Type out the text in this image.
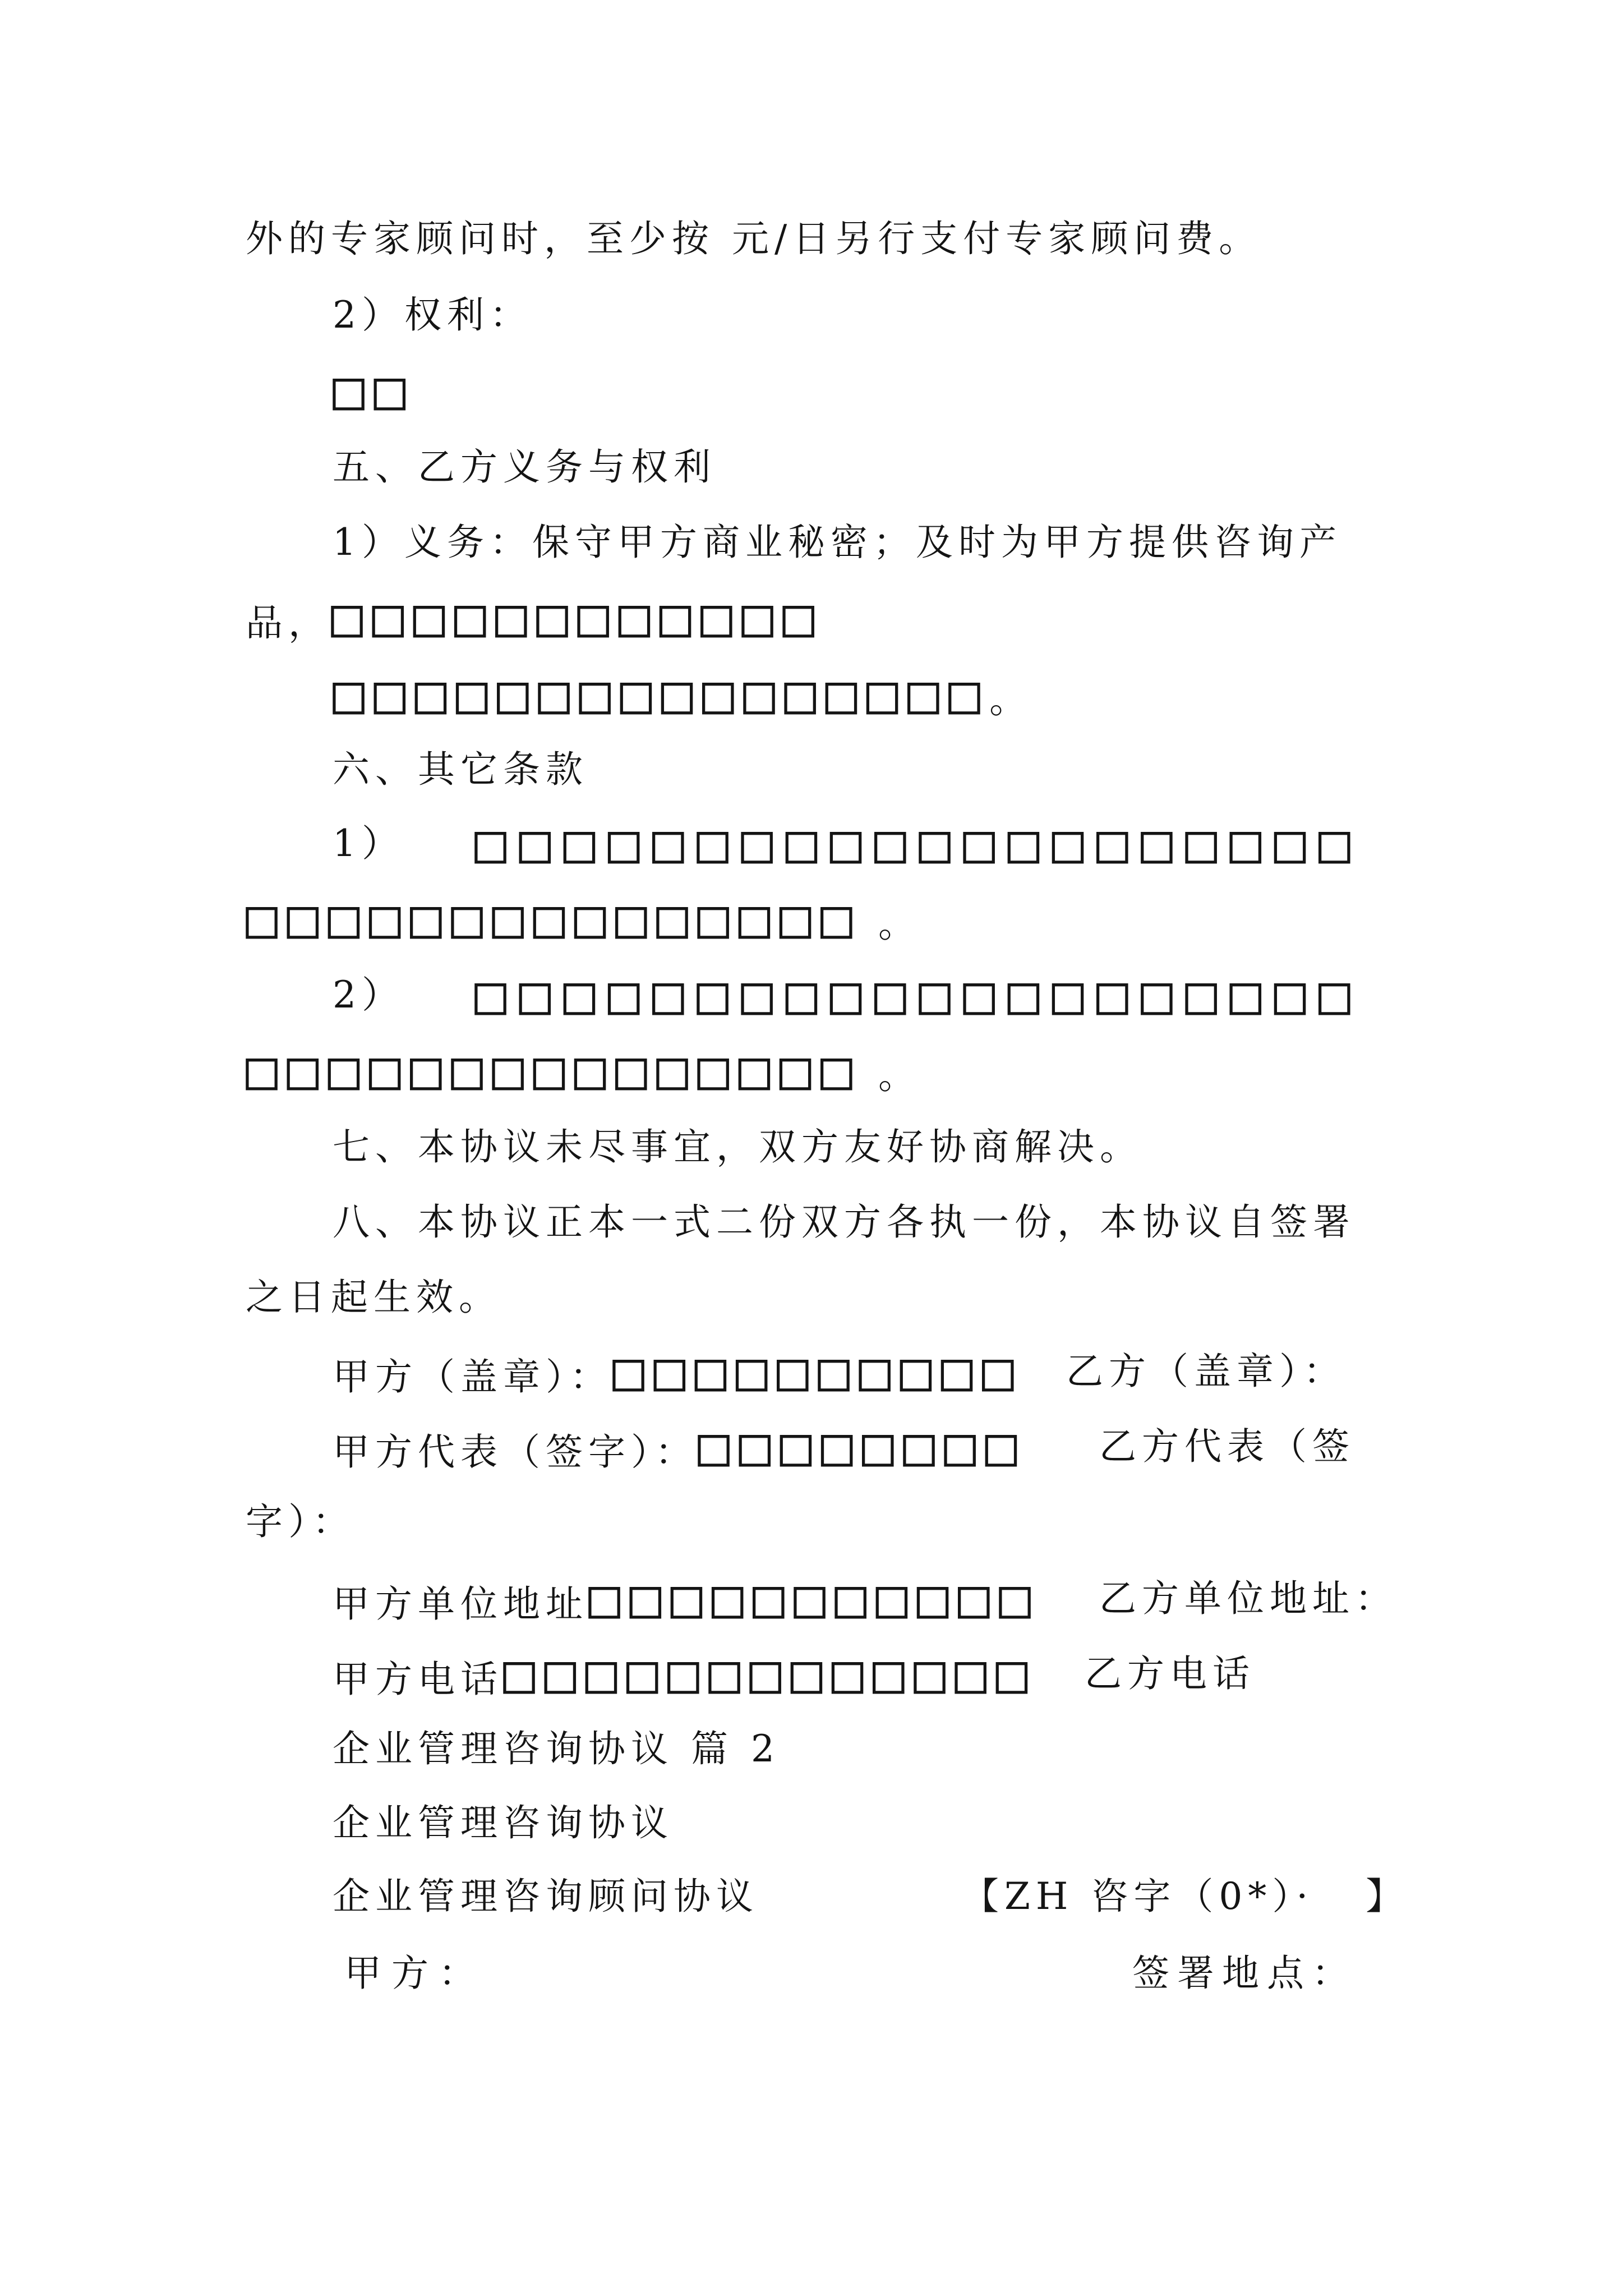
外的专家顾问时，至少按 元/日另行支付专家顾问费。
2）权利：
□□
五、乙方义务与权利
1）义务：保守甲方商业秘密；及时为甲方提供咨询产
品，□□□□□□□□□□□□
□□□□□□□□□□□□□□□□。
六、其它条款
1） □□□□□□□□□□□□□□□□□□□□
□□□□□□□□□□□□□□□ 。
2） □□□□□□□□□□□□□□□□□□□□
□□□□□□□□□□□□□□□ 。
七、本协议未尽事宜，双方友好协商解决。
八、本协议正本一式二份双方各执一份，本协议自签署
之日起生效。
甲方（盖章）：□□□□□□□□□□ 乙方（盖章）：
甲方代表（签字）：□□□□□□□□ 乙方代表（签
字）：
甲方单位地址□□□□□□□□□□□ 乙方单位地址：
甲方电话□□□□□□□□□□□□□ 乙方电话
企业管理咨询协议 篇 2
企业管理咨询协议
企业管理咨询顾问协议	【ZH 咨字（0*）·   】
甲方：	签署地点：
